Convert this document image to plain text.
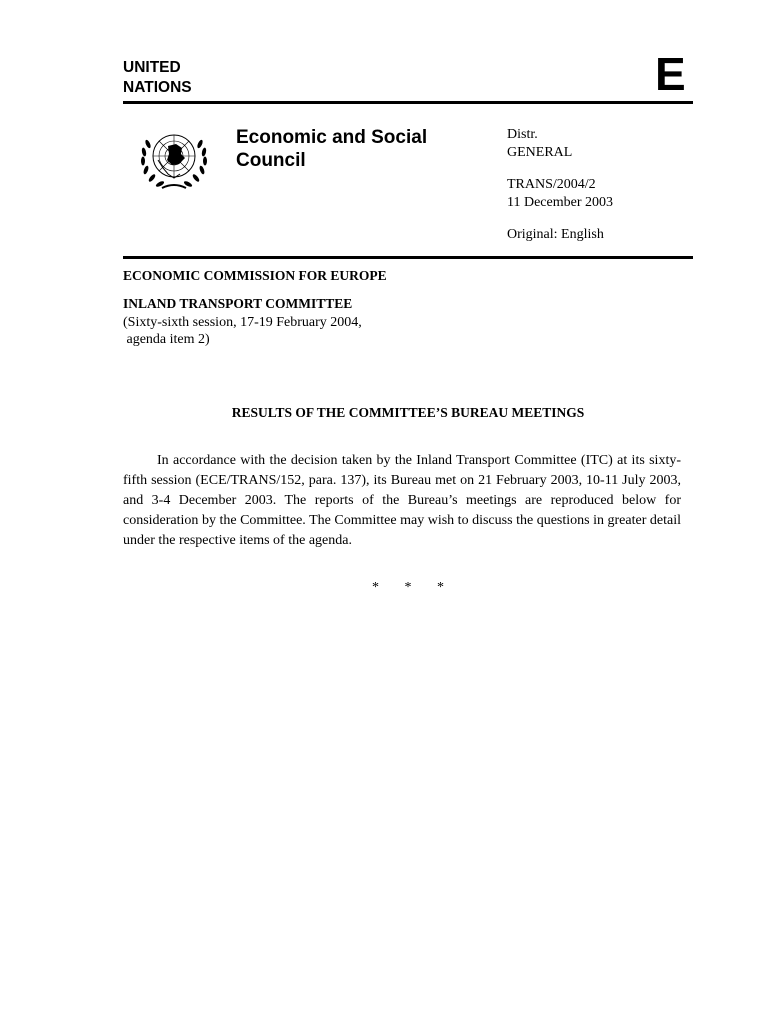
UNITED
NATIONS	E
Economic and Social
Council
Distr.
GENERAL
TRANS/2004/2
11 December 2003
Original: English
ECONOMIC COMMISSION FOR EUROPE
INLAND TRANSPORT COMMITTEE
(Sixty-sixth session, 17-19 February 2004,
agenda item 2)
RESULTS OF THE COMMITTEE’S BUREAU MEETINGS

In accordance with the decision taken by the Inland Transport Committee (ITC) at its sixty-fifth session (ECE/TRANS/152, para. 137), its Bureau met on 21 February 2003, 10-11 July 2003, and 3-4 December 2003. The reports of the Bureau’s meetings are reproduced below for consideration by the Committee. The Committee may wish to discuss the questions in greater detail under the respective items of the agenda.

* * *
